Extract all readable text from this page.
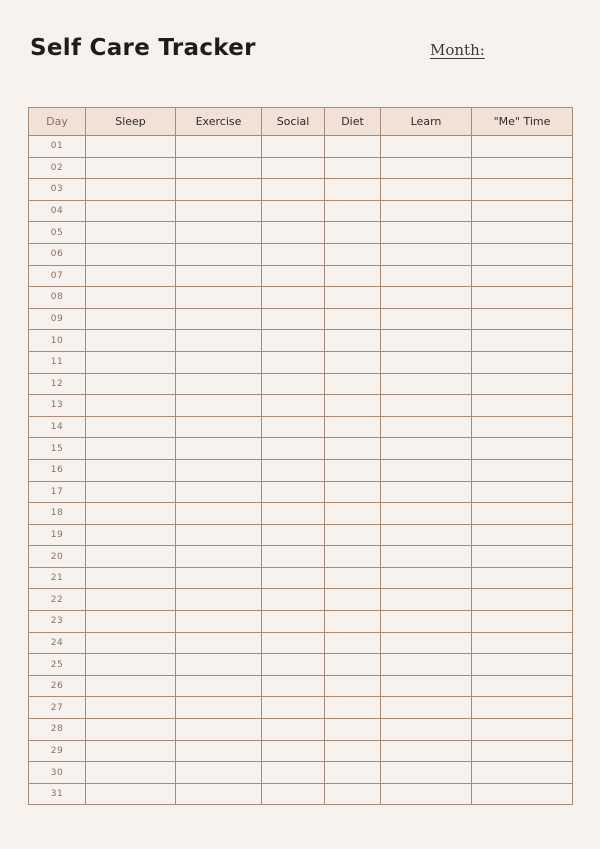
Self Care Tracker	Month:
Day	Sleep	Exercise	Social	Diet	Learn	"Me" Time
01						
02						
03						
04						
05						
06						
07						
08						
09						
10						
11						
12						
13						
14						
15						
16						
17						
18						
19						
20						
21						
22						
23						
24						
25						
26						
27						
28						
29						
30						
31						
